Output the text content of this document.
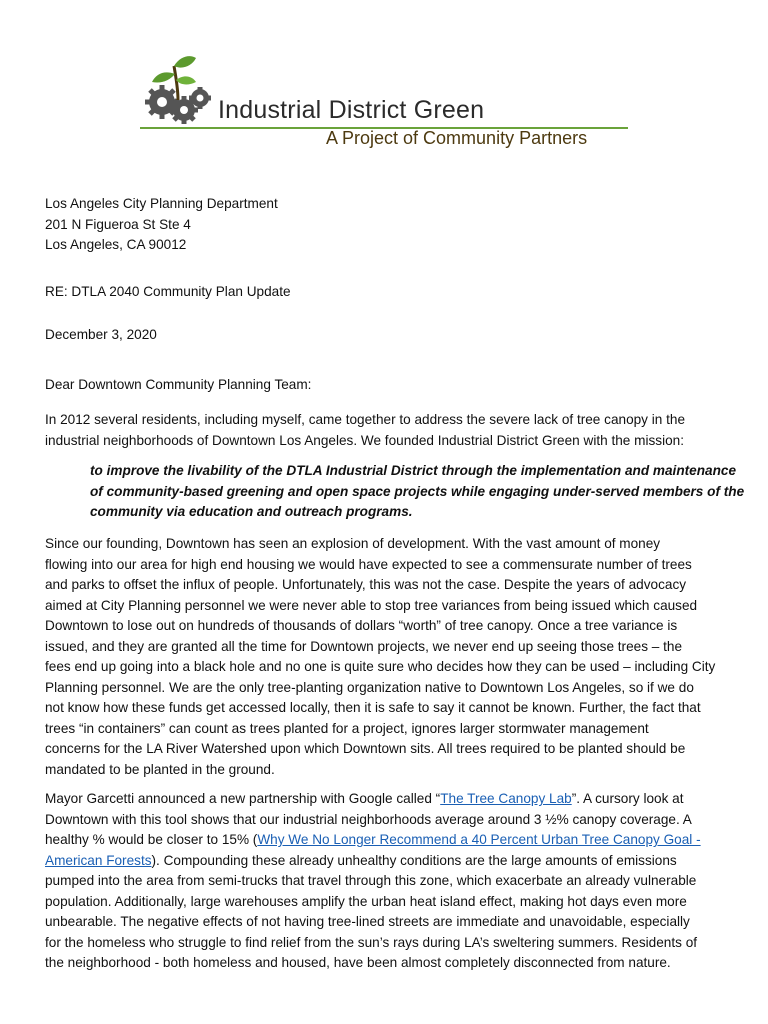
Industrial District Green
A Project of Community Partners
Los Angeles City Planning Department
201 N Figueroa St Ste 4
Los Angeles, CA 90012
RE: DTLA 2040 Community Plan Update
December 3, 2020
Dear Downtown Community Planning Team:
In 2012 several residents, including myself, came together to address the severe lack of tree canopy in the
industrial neighborhoods of Downtown Los Angeles. We founded Industrial District Green with the mission:
to improve the livability of the DTLA Industrial District through the implementation and maintenance
of community-based greening and open space projects while engaging under-served members of the
community via education and outreach programs.
Since our founding, Downtown has seen an explosion of development. With the vast amount of money
flowing into our area for high end housing we would have expected to see a commensurate number of trees
and parks to offset the influx of people. Unfortunately, this was not the case. Despite the years of advocacy
aimed at City Planning personnel we were never able to stop tree variances from being issued which caused
Downtown to lose out on hundreds of thousands of dollars “worth” of tree canopy. Once a tree variance is
issued, and they are granted all the time for Downtown projects, we never end up seeing those trees – the
fees end up going into a black hole and no one is quite sure who decides how they can be used – including City
Planning personnel. We are the only tree-planting organization native to Downtown Los Angeles, so if we do
not know how these funds get accessed locally, then it is safe to say it cannot be known. Further, the fact that
trees “in containers” can count as trees planted for a project, ignores larger stormwater management
concerns for the LA River Watershed upon which Downtown sits. All trees required to be planted should be
mandated to be planted in the ground.
Mayor Garcetti announced a new partnership with Google called “The Tree Canopy Lab”. A cursory look at
Downtown with this tool shows that our industrial neighborhoods average around 3 ½% canopy coverage. A
healthy % would be closer to 15% (Why We No Longer Recommend a 40 Percent Urban Tree Canopy Goal -
American Forests). Compounding these already unhealthy conditions are the large amounts of emissions
pumped into the area from semi-trucks that travel through this zone, which exacerbate an already vulnerable
population. Additionally, large warehouses amplify the urban heat island effect, making hot days even more
unbearable. The negative effects of not having tree-lined streets are immediate and unavoidable, especially
for the homeless who struggle to find relief from the sun’s rays during LA’s sweltering summers. Residents of
the neighborhood - both homeless and housed, have been almost completely disconnected from nature.
